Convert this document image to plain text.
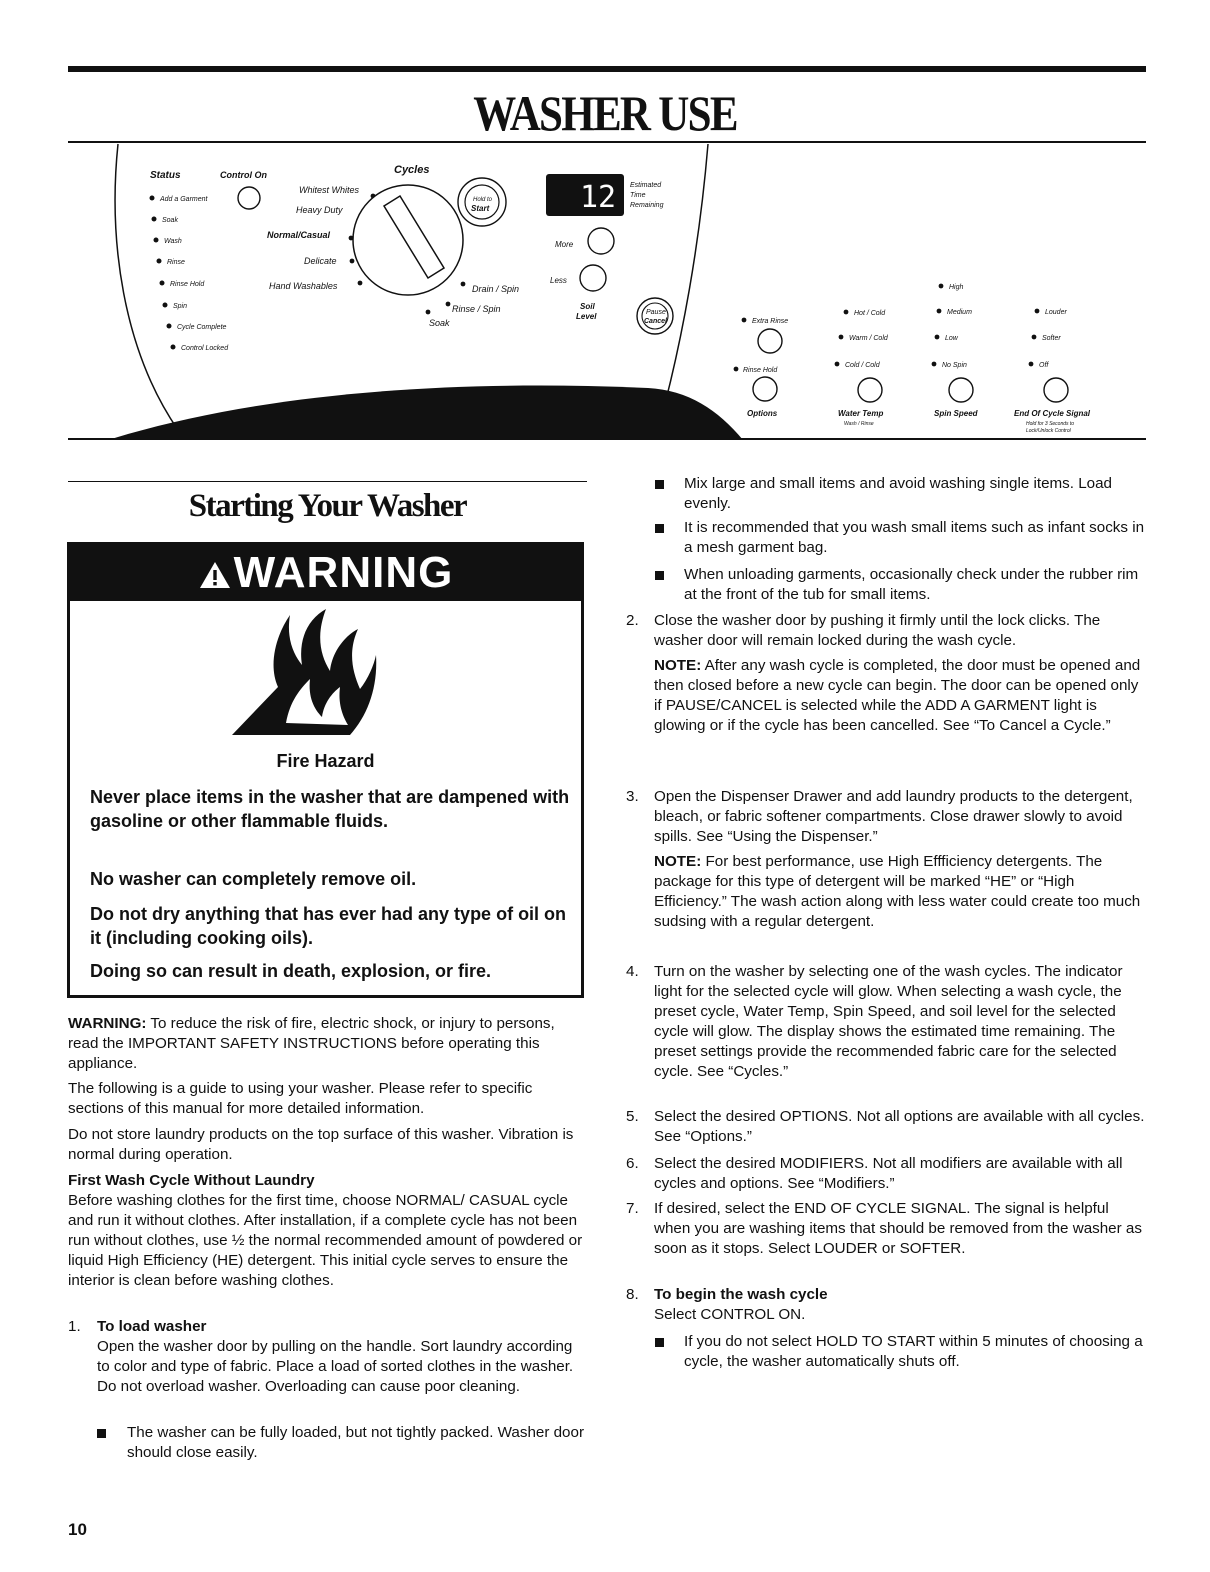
WASHER USE
Status	Control On
Add a Garment
Soak
Wash
Rinse
Rinse Hold
Spin
Cycle Complete
Control Locked
Cycles
Whitest Whites
Heavy Duty
Normal/Casual
Delicate
Hand Washables	Drain / Spin
Rinse / Spin
Soak
Hold to
Start	12 Estimated
Time
Remaining
More
Less
Soil
Level	Pause
Cancel	Extra Rinse
Rinse Hold
Options
Hot / Cold
Warm / Cold
Cold / Cold
Water Temp
Wash / Rinse
High
Medium
Low
No Spin
Spin Speed
Louder
Softer
Off
End Of Cycle Signal
Hold for 3 Seconds to
Lock/Unlock Control
Starting Your Washer
WARNING
Fire Hazard
Never place items in the washer that are dampened with gasoline or other flammable fluids.
No washer can completely remove oil.
Do not dry anything that has ever had any type of oil on it (including cooking oils).
Doing so can result in death, explosion, or fire.
WARNING: To reduce the risk of fire, electric shock, or injury to persons, read the IMPORTANT SAFETY INSTRUCTIONS before operating this appliance.
The following is a guide to using your washer. Please refer to specific sections of this manual for more detailed information.
Do not store laundry products on the top surface of this washer. Vibration is normal during operation.
First Wash Cycle Without Laundry
Before washing clothes for the first time, choose NORMAL/ CASUAL cycle and run it without clothes. After installation, if a complete cycle has not been run without clothes, use ½ the normal recommended amount of powdered or liquid High Efficiency (HE) detergent. This initial cycle serves to ensure the interior is clean before washing clothes.
1. To load washer
Open the washer door by pulling on the handle. Sort laundry according to color and type of fabric. Place a load of sorted clothes in the washer. Do not overload washer. Overloading can cause poor cleaning.
The washer can be fully loaded, but not tightly packed. Washer door should close easily.
Mix large and small items and avoid washing single items. Load evenly.
It is recommended that you wash small items such as infant socks in a mesh garment bag.
When unloading garments, occasionally check under the rubber rim at the front of the tub for small items.
2. Close the washer door by pushing it firmly until the lock clicks. The washer door will remain locked during the wash cycle.
NOTE: After any wash cycle is completed, the door must be opened and then closed before a new cycle can begin. The door can be opened only if PAUSE/CANCEL is selected while the ADD A GARMENT light is glowing or if the cycle has been cancelled. See “To Cancel a Cycle.”
3. Open the Dispenser Drawer and add laundry products to the detergent, bleach, or fabric softener compartments. Close drawer slowly to avoid spills. See “Using the Dispenser.”
NOTE: For best performance, use High Effficiency detergents. The package for this type of detergent will be marked “HE” or “High Efficiency.” The wash action along with less water could create too much sudsing with a regular detergent.
4. Turn on the washer by selecting one of the wash cycles. The indicator light for the selected cycle will glow. When selecting a wash cycle, the preset cycle, Water Temp, Spin Speed, and soil level for the selected cycle will glow. The display shows the estimated time remaining. The preset settings provide the recommended fabric care for the selected cycle. See “Cycles.”
5. Select the desired OPTIONS. Not all options are available with all cycles. See “Options.”
6. Select the desired MODIFIERS. Not all modifiers are available with all cycles and options. See “Modifiers.”
7. If desired, select the END OF CYCLE SIGNAL. The signal is helpful when you are washing items that should be removed from the washer as soon as it stops. Select LOUDER or SOFTER.
8. To begin the wash cycle
Select CONTROL ON.
If you do not select HOLD TO START within 5 minutes of choosing a cycle, the washer automatically shuts off.
10
